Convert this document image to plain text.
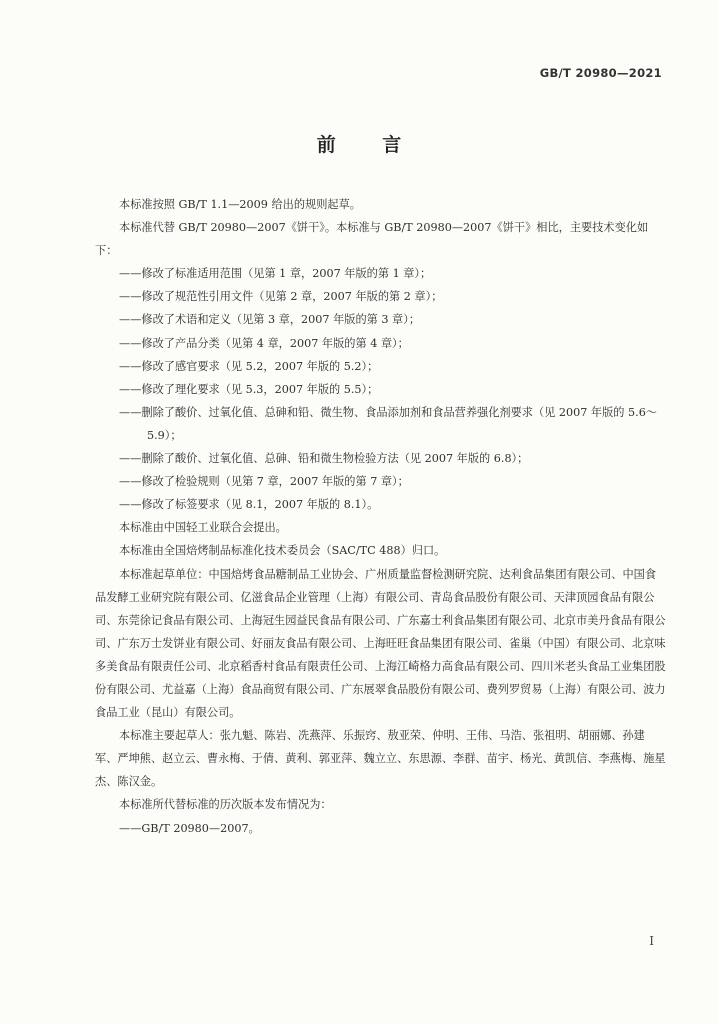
GB/T 20980—2021
前 言

本标准按照 GB/T 1.1—2009 给出的规则起草。

本标准代替 GB/T 20980—2007《饼干》。本标准与 GB/T 20980—2007《饼干》相比，主要技术变化如下：

——修改了标准适用范围（见第 1 章，2007 年版的第 1 章）；

——修改了规范性引用文件（见第 2 章，2007 年版的第 2 章）；

——修改了术语和定义（见第 3 章，2007 年版的第 3 章）；

——修改了产品分类（见第 4 章，2007 年版的第 4 章）；

——修改了感官要求（见 5.2，2007 年版的 5.2）；

——修改了理化要求（见 5.3，2007 年版的 5.5）；

——删除了酸价、过氧化值、总砷和铅、微生物、食品添加剂和食品营养强化剂要求（见 2007 年版的 5.6～5.9）；

——删除了酸价、过氧化值、总砷、铅和微生物检验方法（见 2007 年版的 6.8）；

——修改了检验规则（见第 7 章，2007 年版的第 7 章）；

——修改了标签要求（见 8.1，2007 年版的 8.1）。

本标准由中国轻工业联合会提出。

本标准由全国焙烤制品标准化技术委员会（SAC/TC 488）归口。

本标准起草单位：中国焙烤食品糖制品工业协会、广州质量监督检测研究院、达利食品集团有限公司、中国食品发酵工业研究院有限公司、亿滋食品企业管理（上海）有限公司、青岛食品股份有限公司、天津顶园食品有限公司、东莞徐记食品有限公司、上海冠生园益民食品有限公司、广东嘉士利食品集团有限公司、北京市美丹食品有限公司、广东万士发饼业有限公司、好丽友食品有限公司、上海旺旺食品集团有限公司、雀巢（中国）有限公司、北京味多美食品有限责任公司、北京稻香村食品有限责任公司、上海江崎格力高食品有限公司、四川米老头食品工业集团股份有限公司、尤益嘉（上海）食品商贸有限公司、广东展翠食品股份有限公司、费列罗贸易（上海）有限公司、波力食品工业（昆山）有限公司。

本标准主要起草人：张九魁、陈岩、冼燕萍、乐振窍、敖亚荣、仲明、王伟、马浩、张祖明、胡丽娜、孙建军、严坤熊、赵立云、曹永梅、于倩、黄利、郭亚萍、魏立立、东思源、李群、苗宇、杨光、黄凯信、李燕梅、施星杰、陈汉金。

本标准所代替标准的历次版本发布情况为：

——GB/T 20980—2007。

I
